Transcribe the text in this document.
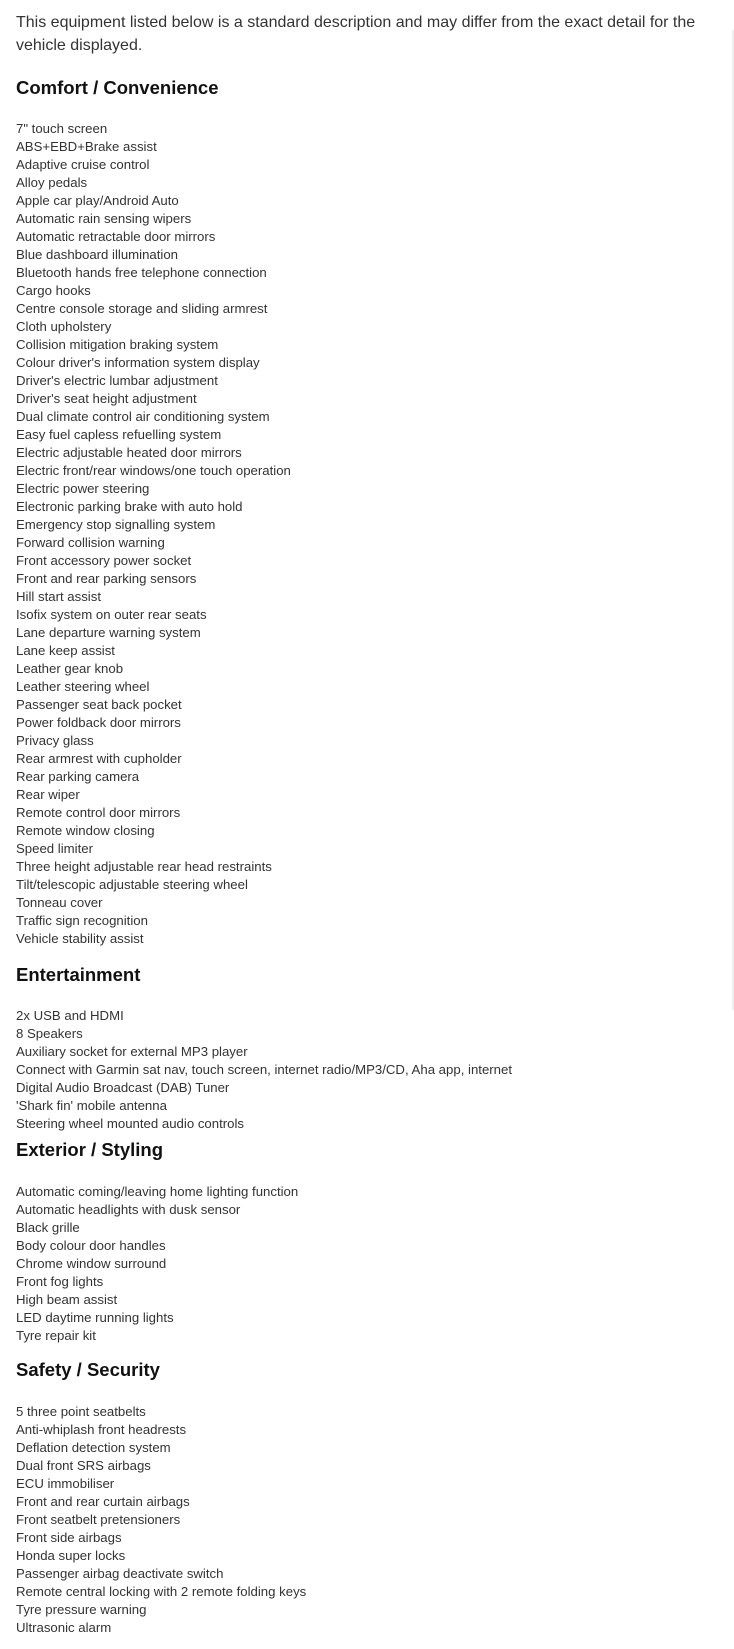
This equipment listed below is a standard description and may differ from the exact detail for the vehicle displayed.

Comfort / Convenience
7" touch screen
ABS+EBD+Brake assist
Adaptive cruise control
Alloy pedals
Apple car play/Android Auto
Automatic rain sensing wipers
Automatic retractable door mirrors
Blue dashboard illumination
Bluetooth hands free telephone connection
Cargo hooks
Centre console storage and sliding armrest
Cloth upholstery
Collision mitigation braking system
Colour driver's information system display
Driver's electric lumbar adjustment
Driver's seat height adjustment
Dual climate control air conditioning system
Easy fuel capless refuelling system
Electric adjustable heated door mirrors
Electric front/rear windows/one touch operation
Electric power steering
Electronic parking brake with auto hold
Emergency stop signalling system
Forward collision warning
Front accessory power socket
Front and rear parking sensors
Hill start assist
Isofix system on outer rear seats
Lane departure warning system
Lane keep assist
Leather gear knob
Leather steering wheel
Passenger seat back pocket
Power foldback door mirrors
Privacy glass
Rear armrest with cupholder
Rear parking camera
Rear wiper
Remote control door mirrors
Remote window closing
Speed limiter
Three height adjustable rear head restraints
Tilt/telescopic adjustable steering wheel
Tonneau cover
Traffic sign recognition
Vehicle stability assist
Entertainment
2x USB and HDMI
8 Speakers
Auxiliary socket for external MP3 player
Connect with Garmin sat nav, touch screen, internet radio/MP3/CD, Aha app, internet
Digital Audio Broadcast (DAB) Tuner
'Shark fin' mobile antenna
Steering wheel mounted audio controls
Exterior / Styling
Automatic coming/leaving home lighting function
Automatic headlights with dusk sensor
Black grille
Body colour door handles
Chrome window surround
Front fog lights
High beam assist
LED daytime running lights
Tyre repair kit
Safety / Security
5 three point seatbelts
Anti-whiplash front headrests
Deflation detection system
Dual front SRS airbags
ECU immobiliser
Front and rear curtain airbags
Front seatbelt pretensioners
Front side airbags
Honda super locks
Passenger airbag deactivate switch
Remote central locking with 2 remote folding keys
Tyre pressure warning
Ultrasonic alarm
